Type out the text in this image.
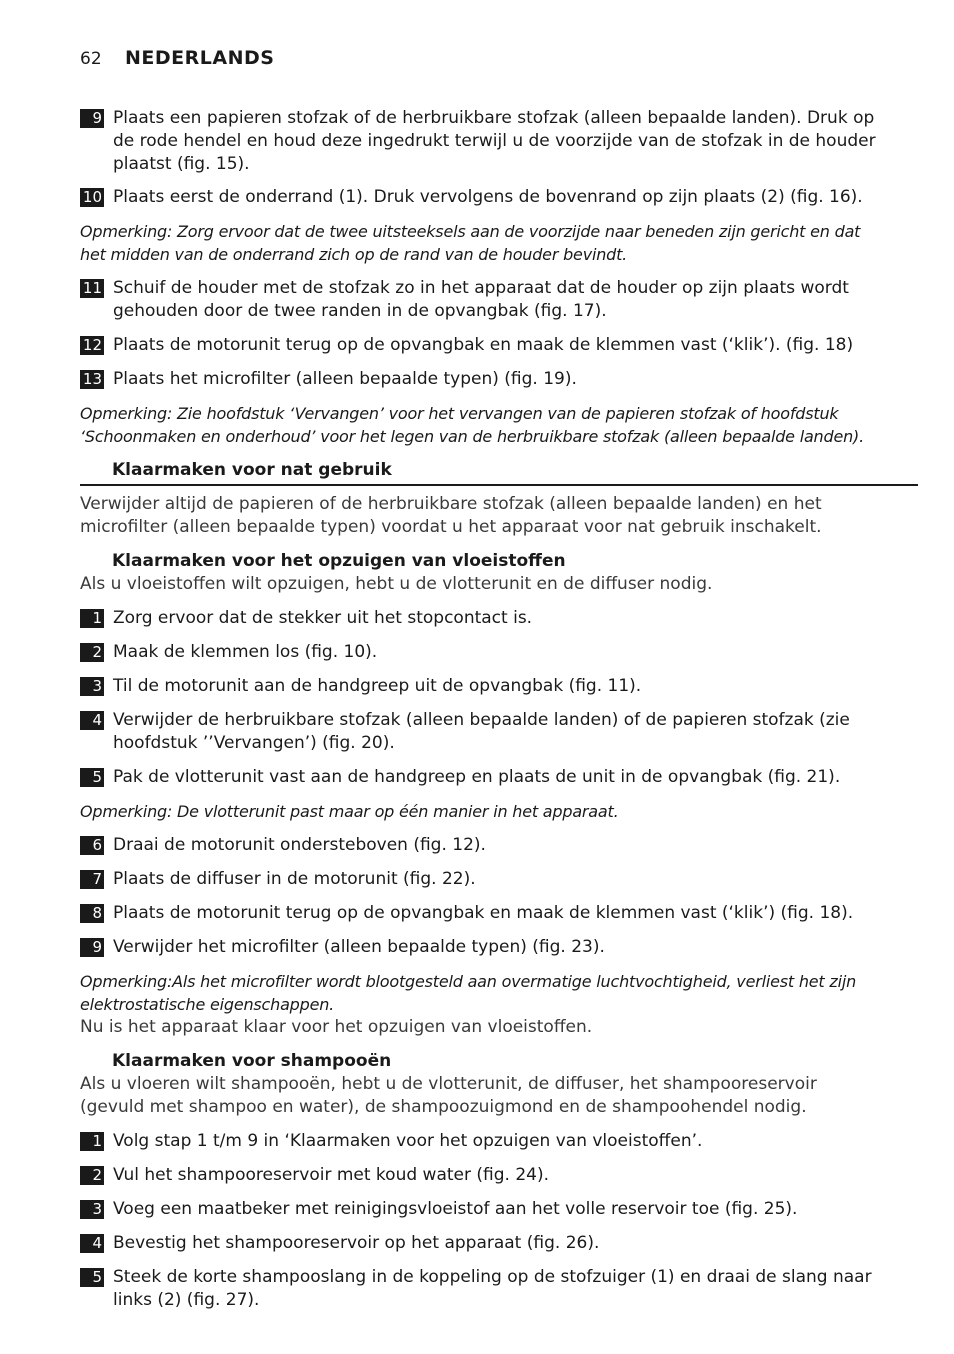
62	NEDERLANDS
9 Plaats een papieren stofzak of de herbruikbare stofzak (alleen bepaalde landen). Druk op de rode hendel en houd deze ingedrukt terwijl u de voorzijde van de stofzak in de houder plaatst (fig. 15).
10 Plaats eerst de onderrand (1). Druk vervolgens de bovenrand op zijn plaats (2) (fig. 16).
Opmerking: Zorg ervoor dat de twee uitsteeksels aan de voorzijde naar beneden zijn gericht en dat het midden van de onderrand zich op de rand van de houder bevindt.
11 Schuif de houder met de stofzak zo in het apparaat dat de houder op zijn plaats wordt gehouden door de twee randen in de opvangbak (fig. 17).
12 Plaats de motorunit terug op de opvangbak en maak de klemmen vast (‘klik’). (fig. 18)
13 Plaats het microfilter (alleen bepaalde typen) (fig. 19).
Opmerking: Zie hoofdstuk ‘Vervangen’ voor het vervangen van de papieren stofzak of hoofdstuk ‘Schoonmaken en onderhoud’ voor het legen van de herbruikbare stofzak (alleen bepaalde landen).
Klaarmaken voor nat gebruik
Verwijder altijd de papieren of de herbruikbare stofzak (alleen bepaalde landen) en het microfilter (alleen bepaalde typen) voordat u het apparaat voor nat gebruik inschakelt.
Klaarmaken voor het opzuigen van vloeistoffen
Als u vloeistoffen wilt opzuigen, hebt u de vlotterunit en de diffuser nodig.
1 Zorg ervoor dat de stekker uit het stopcontact is.
2 Maak de klemmen los (fig. 10).
3 Til de motorunit aan de handgreep uit de opvangbak (fig. 11).
4 Verwijder de herbruikbare stofzak (alleen bepaalde landen) of de papieren stofzak (zie hoofdstuk ’’Vervangen’) (fig. 20).
5 Pak de vlotterunit vast aan de handgreep en plaats de unit in de opvangbak (fig. 21).
Opmerking: De vlotterunit past maar op één manier in het apparaat.
6 Draai de motorunit ondersteboven (fig. 12).
7 Plaats de diffuser in de motorunit (fig. 22).
8 Plaats de motorunit terug op de opvangbak en maak de klemmen vast (‘klik’) (fig. 18).
9 Verwijder het microfilter (alleen bepaalde typen) (fig. 23).
Opmerking:Als het microfilter wordt blootgesteld aan overmatige luchtvochtigheid, verliest het zijn elektrostatische eigenschappen.
Nu is het apparaat klaar voor het opzuigen van vloeistoffen.
Klaarmaken voor shampooën
Als u vloeren wilt shampooën, hebt u de vlotterunit, de diffuser, het shampooreservoir (gevuld met shampoo en water), de shampoozuigmond en de shampoohendel nodig.
1 Volg stap 1 t/m 9 in ‘Klaarmaken voor het opzuigen van vloeistoffen’.
2 Vul het shampooreservoir met koud water (fig. 24).
3 Voeg een maatbeker met reinigingsvloeistof aan het volle reservoir toe (fig. 25).
4 Bevestig het shampooreservoir op het apparaat (fig. 26).
5 Steek de korte shampooslang in de koppeling op de stofzuiger (1) en draai de slang naar links (2) (fig. 27).
